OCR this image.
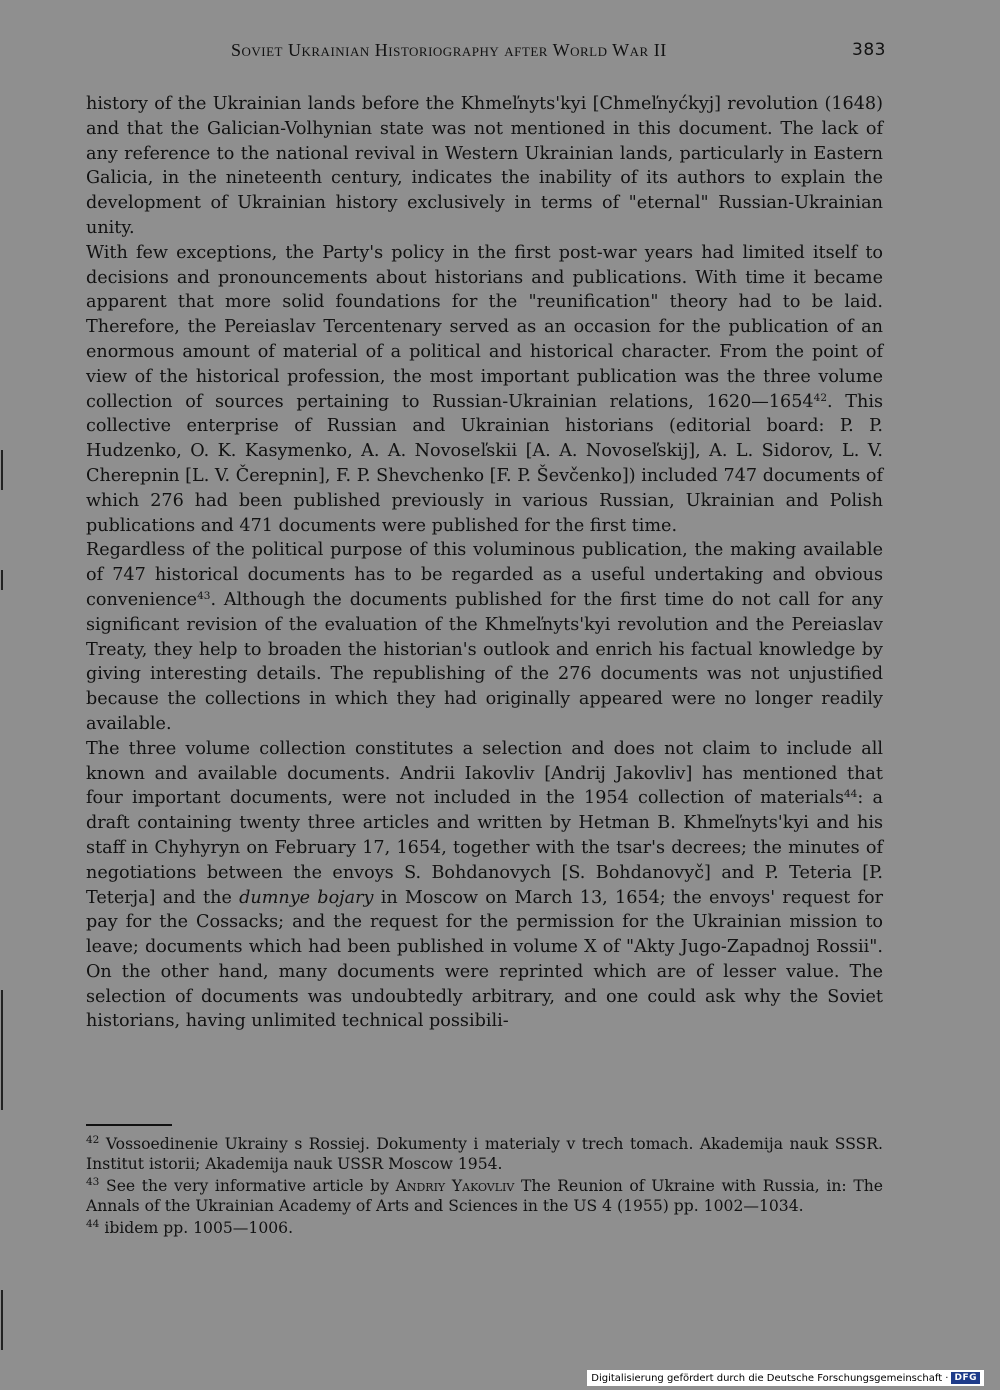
Soviet Ukrainian Historiography after World War II	383

history of the Ukrainian lands before the Khmeľnyts'kyi [Chmeľnyćkyj] revolution (1648) and that the Galician-Volhynian state was not mentioned in this document. The lack of any reference to the national revival in Western Ukrainian lands, particularly in Eastern Galicia, in the nineteenth century, indicates the inability of its authors to explain the development of Ukrainian history exclusively in terms of "eternal" Russian-Ukrainian unity.

With few exceptions, the Party's policy in the first post-war years had limited itself to decisions and pronouncements about historians and publications. With time it became apparent that more solid foundations for the "reunification" theory had to be laid. Therefore, the Pereiaslav Tercentenary served as an occasion for the publication of an enormous amount of material of a political and historical character. From the point of view of the historical profession, the most important publication was the three volume collection of sources pertaining to Russian-Ukrainian relations, 1620—1654$^{42}$. This collective enterprise of Russian and Ukrainian historians (editorial board: P. P. Hudzenko, O. K. Kasymenko, A. A. Novoseľskii [A. A. Novoseľskij], A. L. Sidorov, L. V. Cherepnin [L. V. Čerepnin], F. P. Shevchenko [F. P. Ševčenko]) included 747 documents of which 276 had been published previously in various Russian, Ukrainian and Polish publications and 471 documents were published for the first time.

Regardless of the political purpose of this voluminous publication, the making available of 747 historical documents has to be regarded as a useful undertaking and obvious convenience$^{43}$. Although the documents published for the first time do not call for any significant revision of the evaluation of the Khmeľnyts'kyi revolution and the Pereiaslav Treaty, they help to broaden the historian's outlook and enrich his factual knowledge by giving interesting details. The republishing of the 276 documents was not unjustified because the collections in which they had originally appeared were no longer readily available.

The three volume collection constitutes a selection and does not claim to include all known and available documents. Andrii Iakovliv [Andrij Jakovliv] has mentioned that four important documents, were not included in the 1954 collection of materials$^{44}$: a draft containing twenty three articles and written by Hetman B. Khmeľnyts'kyi and his staff in Chyhyryn on February 17, 1654, together with the tsar's decrees; the minutes of negotiations between the envoys S. Bohdanovych [S. Bohdanovyč] and P. Teteria [P. Teterja] and the dumnye bojary in Moscow on March 13, 1654; the envoys' request for pay for the Cossacks; and the request for the permission for the Ukrainian mission to leave; documents which had been published in volume X of "Akty Jugo-Zapadnoj Rossii". On the other hand, many documents were reprinted which are of lesser value. The selection of documents was undoubtedly arbitrary, and one could ask why the Soviet historians, having unlimited technical possibili-

$^{42}$ Vossoedinenie Ukrainy s Rossiej. Dokumenty i materialy v trech tomach. Akademija nauk SSSR. Institut istorii; Akademija nauk USSR Moscow 1954.

$^{43}$ See the very informative article by Andriy Yakovliv The Reunion of Ukraine with Russia, in: The Annals of the Ukrainian Academy of Arts and Sciences in the US 4 (1955) pp. 1002—1034.

$^{44}$ ibidem pp. 1005—1006.

Digitalisierung gefördert durch die Deutsche Forschungsgemeinschaft · DFG
